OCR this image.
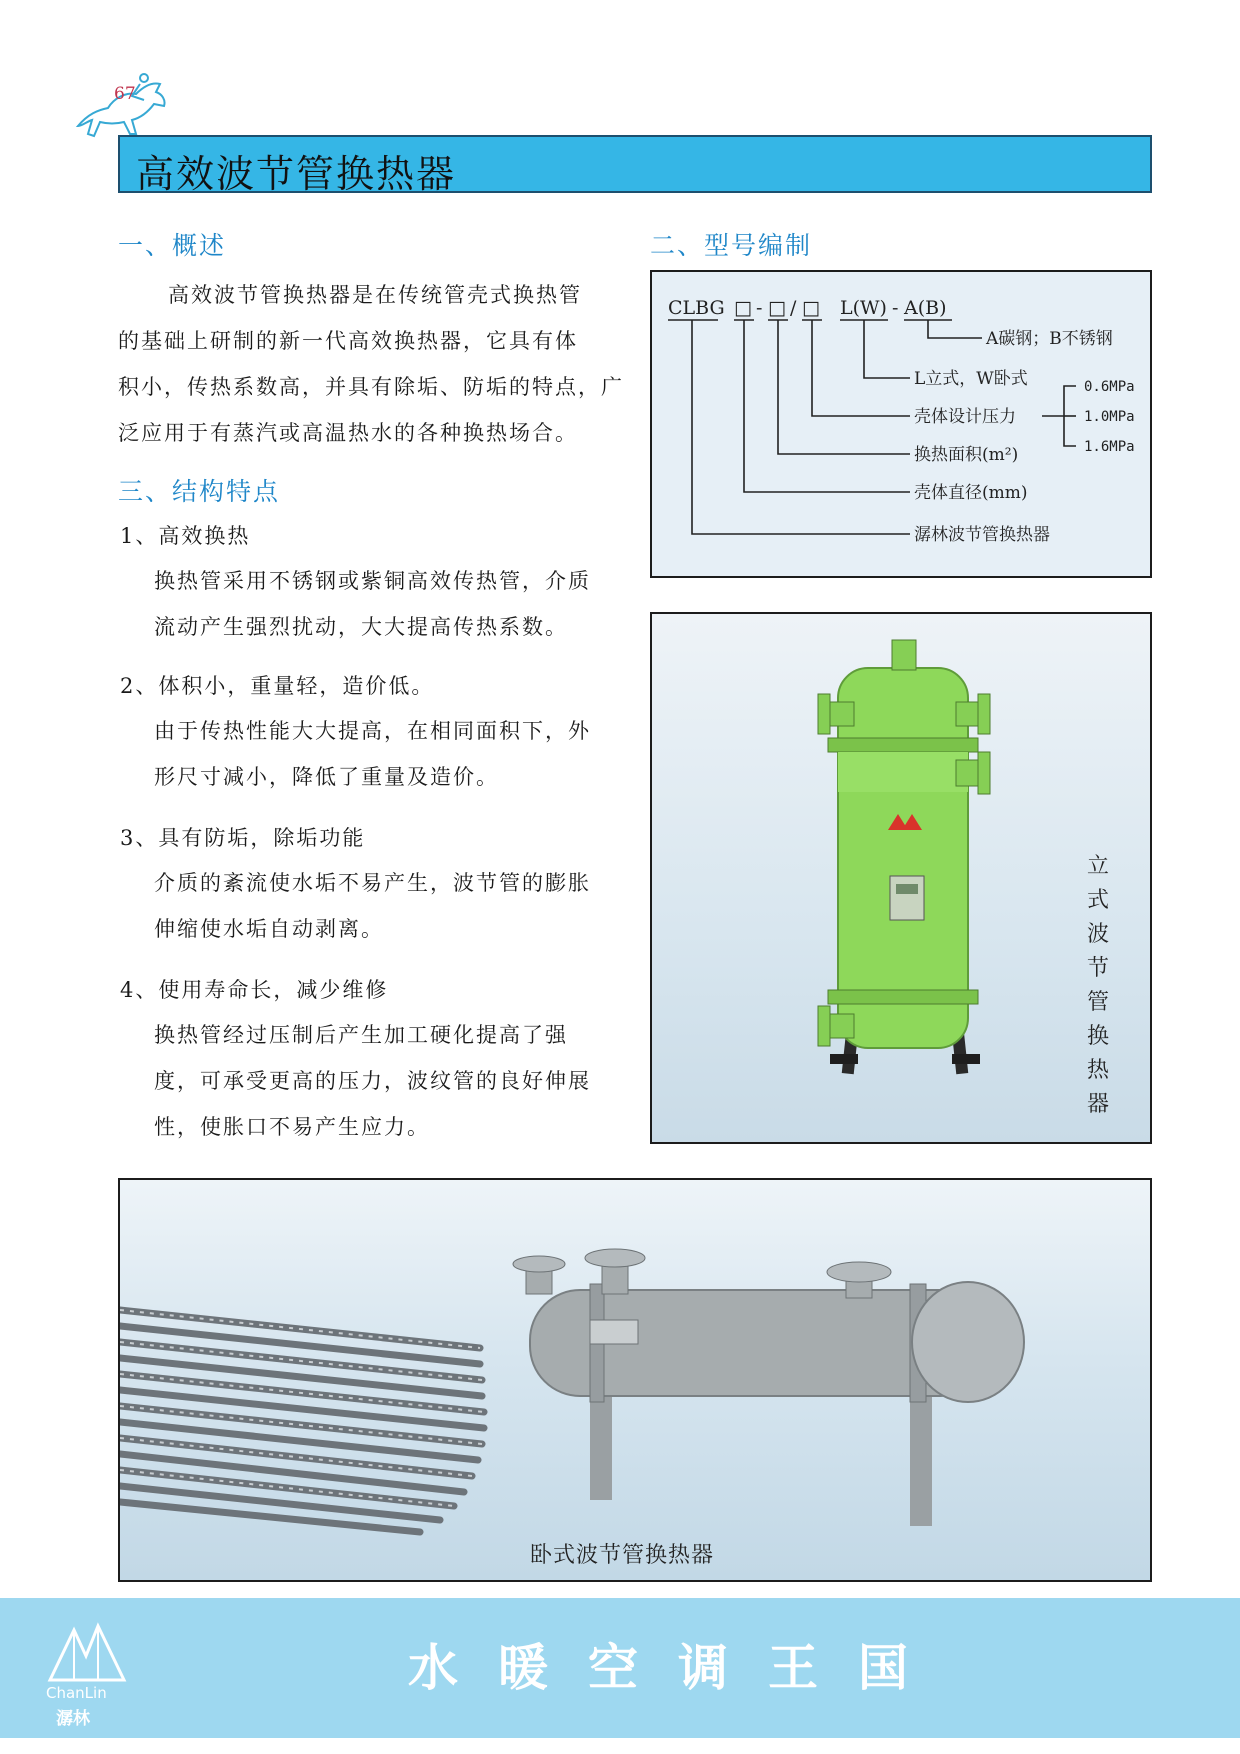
67
高效波节管换热器
一、概述
高效波节管换热器是在传统管壳式换热管
的基础上研制的新一代高效换热器，它具有体
积小，传热系数高，并具有除垢、防垢的特点，广
泛应用于有蒸汽或高温热水的各种换热场合。
三、结构特点
1、高效换热
换热管采用不锈钢或紫铜高效传热管，介质
流动产生强烈扰动，大大提高传热系数。
2、体积小，重量轻，造价低。
由于传热性能大大提高，在相同面积下，外
形尺寸减小，降低了重量及造价。
3、具有防垢，除垢功能
介质的紊流使水垢不易产生，波节管的膨胀
伸缩使水垢自动剥离。
4、使用寿命长，减少维修
换热管经过压制后产生加工硬化提高了强
度，可承受更高的压力，波纹管的良好伸展
性，使胀口不易产生应力。
二、型号编制
CLBG □ - □ / □ L(W) - A(B)
A碳钢；B不锈钢
L立式，W卧式
壳体设计压力
换热面积(m²)
壳体直径(mm)
潺林波节管换热器
0.6MPa
1.0MPa
1.6MPa
立
式
波
节
管
换
热
器
卧式波节管换热器
ChanLin
潺林
水暖空调王国
